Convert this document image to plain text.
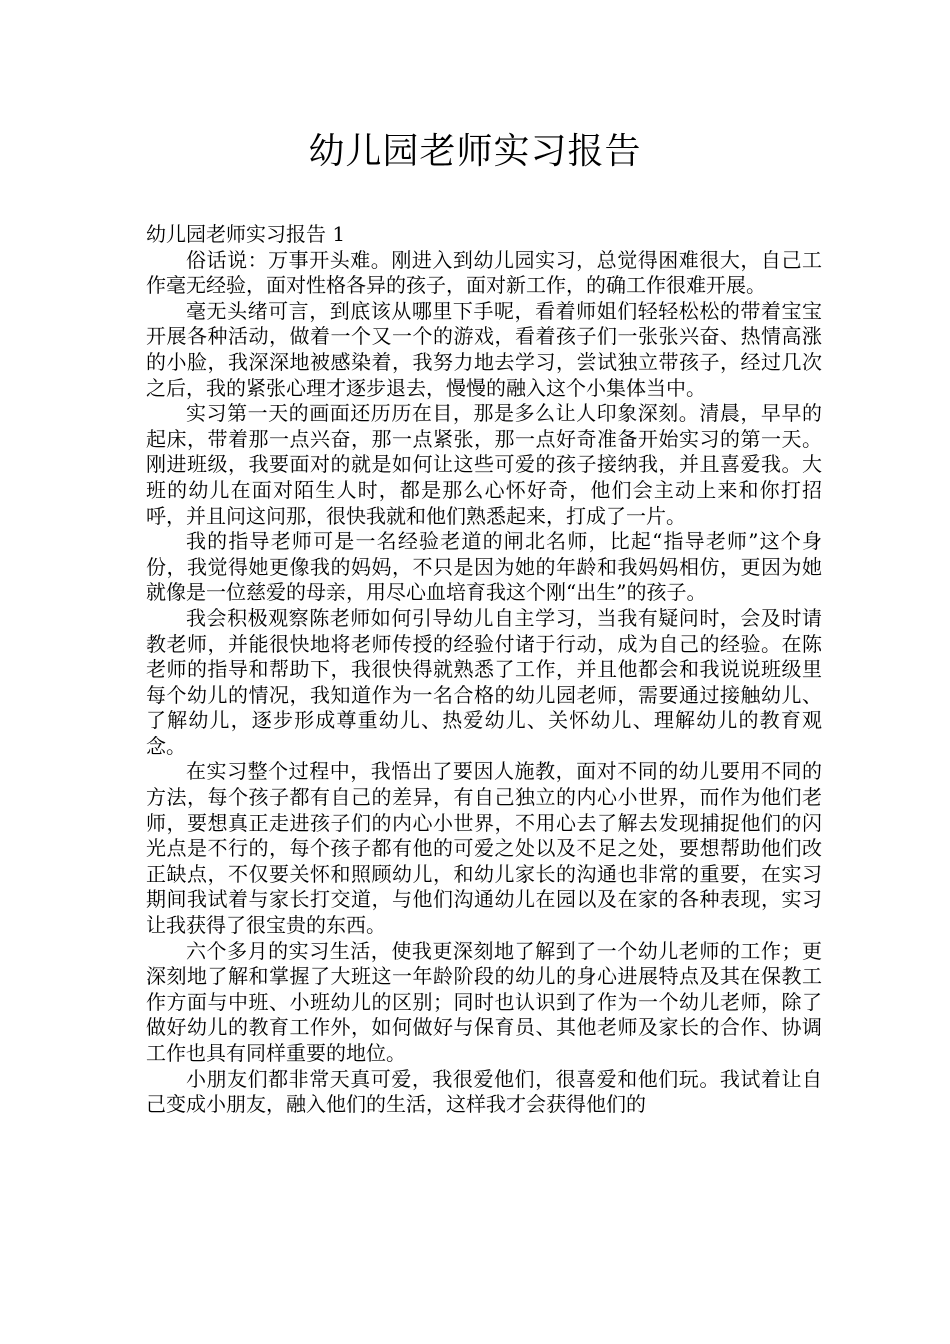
幼儿园老师实习报告

幼儿园老师实习报告 1

俗话说：万事开头难。刚进入到幼儿园实习，总觉得困难很大，自己工作毫无经验，面对性格各异的孩子，面对新工作，的确工作很难开展。

毫无头绪可言，到底该从哪里下手呢，看着师姐们轻轻松松的带着宝宝开展各种活动，做着一个又一个的游戏，看着孩子们一张张兴奋、热情高涨的小脸，我深深地被感染着，我努力地去学习，尝试独立带孩子，经过几次之后，我的紧张心理才逐步退去，慢慢的融入这个小集体当中。

实习第一天的画面还历历在目，那是多么让人印象深刻。清晨，早早的起床，带着那一点兴奋，那一点紧张，那一点好奇准备开始实习的第一天。刚进班级，我要面对的就是如何让这些可爱的孩子接纳我，并且喜爱我。大班的幼儿在面对陌生人时，都是那么心怀好奇，他们会主动上来和你打招呼，并且问这问那，很快我就和他们熟悉起来，打成了一片。

我的指导老师可是一名经验老道的闸北名师，比起“指导老师”这个身份，我觉得她更像我的妈妈，不只是因为她的年龄和我妈妈相仿，更因为她就像是一位慈爱的母亲，用尽心血培育我这个刚“出生”的孩子。

我会积极观察陈老师如何引导幼儿自主学习，当我有疑问时，会及时请教老师，并能很快地将老师传授的经验付诸于行动，成为自己的经验。在陈老师的指导和帮助下，我很快得就熟悉了工作，并且他都会和我说说班级里每个幼儿的情况，我知道作为一名合格的幼儿园老师，需要通过接触幼儿、了解幼儿，逐步形成尊重幼儿、热爱幼儿、关怀幼儿、理解幼儿的教育观念。

在实习整个过程中，我悟出了要因人施教，面对不同的幼儿要用不同的方法，每个孩子都有自己的差异，有自己独立的内心小世界，而作为他们老师，要想真正走进孩子们的内心小世界，不用心去了解去发现捕捉他们的闪光点是不行的，每个孩子都有他的可爱之处以及不足之处，要想帮助他们改正缺点，不仅要关怀和照顾幼儿，和幼儿家长的沟通也非常的重要，在实习期间我试着与家长打交道，与他们沟通幼儿在园以及在家的各种表现，实习让我获得了很宝贵的东西。

六个多月的实习生活，使我更深刻地了解到了一个幼儿老师的工作；更深刻地了解和掌握了大班这一年龄阶段的幼儿的身心进展特点及其在保教工作方面与中班、小班幼儿的区别；同时也认识到了作为一个幼儿老师，除了做好幼儿的教育工作外，如何做好与保育员、其他老师及家长的合作、协调工作也具有同样重要的地位。

小朋友们都非常天真可爱，我很爱他们，很喜爱和他们玩。我试着让自己变成小朋友，融入他们的生活，这样我才会获得他们的
